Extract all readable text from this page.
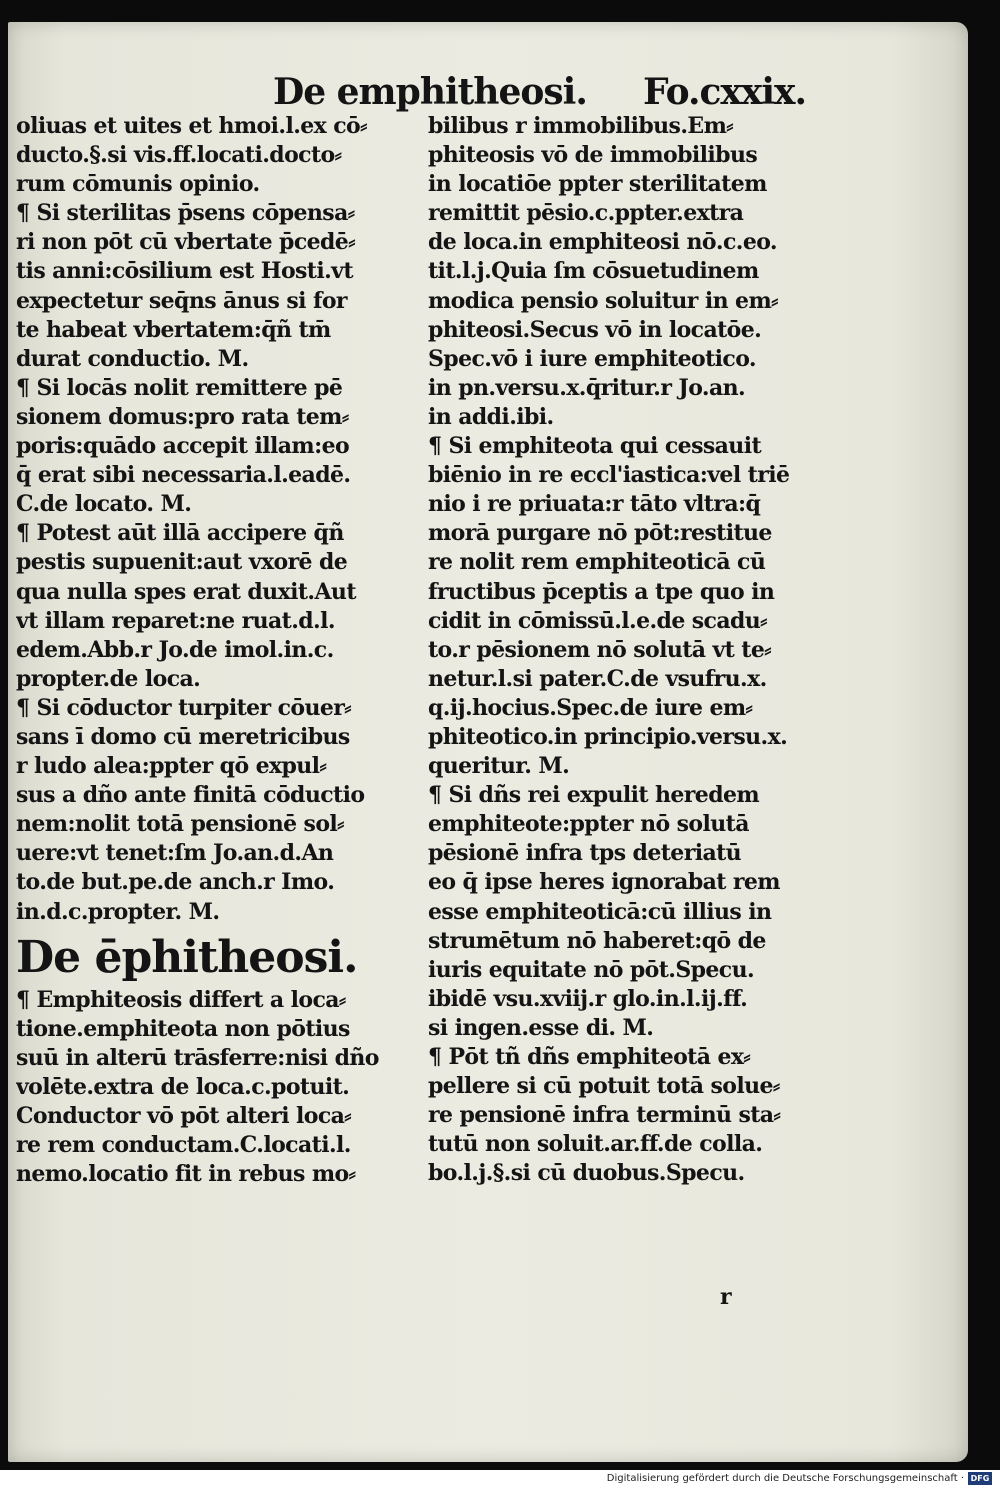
De emphitheosi. Fo.cxxix.
oliuas et uites et hmoi.l.ex cō⸗
ducto.§.si vis.ff.locati.docto⸗
rum cōmunis opinio.
¶ Si sterilitas p̄sens cōpensa⸗
ri non pōt cū vbertate p̄cedē⸗
tis anni:cōsilium est Hosti.vt
expectetur seq̄ns ānus si for
te habeat vbertatem:q̄ñ tm̄
durat conductio. M.
¶ Si locās nolit remittere pē
sionem domus:pro rata tem⸗
poris:quādo accepit illam:eo
q̄ erat sibi necessaria.l.eadē.
C.de locato. M.
¶ Potest aūt illā accipere q̄ñ
pestis supuenit:aut vxorē de
qua nulla spes erat duxit.Aut
vt illam reparet:ne ruat.d.l.
edem.Abb.r Jo.de imol.in.c.
propter.de loca.
¶ Si cōductor turpiter cōuer⸗
sans ī domo cū meretricibus
r ludo alea:ppter qō expul⸗
sus a dño ante finitā cōductio
nem:nolit totā pensionē sol⸗
uere:vt tenet:ſm Jo.an.d.An
to.de but.pe.de anch.r Imo.
in.d.c.propter. M.
De ēphitheosi.
¶ Emphiteosis differt a loca⸗
tione.emphiteota non pōtius
suū in alterū trāsferre:nisi dño
volēte.extra de loca.c.potuit.
Conductor vō pōt alteri loca⸗
re rem conductam.C.locati.l.
nemo.locatio fit in rebus mo⸗
bilibus r immobilibus.Em⸗
phiteosis vō de immobilibus
in locatiōe ppter sterilitatem
remittit pēsio.c.ppter.extra
de loca.in emphiteosi nō.c.eo.
tit.l.j.Quia ſm cōsuetudinem
modica pensio soluitur in em⸗
phiteosi.Secus vō in locatōe.
Spec.vō i iure emphiteotico.
in pn.versu.x.q̄ritur.r Jo.an.
in addi.ibi.
¶ Si emphiteota qui cessauit
biēnio in re eccl'iastica:vel triē
nio i re priuata:r tāto vltra:q̄
morā purgare nō pōt:restitue
re nolit rem emphiteoticā cū
fructibus p̄ceptis a tpe quo in
cidit in cōmissū.l.e.de scadu⸗
to.r pēsionem nō solutā vt te⸗
netur.l.si pater.C.de vsufru.x.
q.ij.hocius.Spec.de iure em⸗
phiteotico.in principio.versu.x.
queritur. M.
¶ Si dñs rei expulit heredem
emphiteote:ppter nō solutā
pēsionē infra tps deteriatū
eo q̄ ipse heres ignorabat rem
esse emphiteoticā:cū illius in
strumētum nō haberet:qō de
iuris equitate nō pōt.Specu.
ibidē vsu.xviij.r glo.in.l.ij.ff.
si ingen.esse di. M.
¶ Pōt tñ dñs emphiteotā ex⸗
pellere si cū potuit totā solue⸗
re pensionē infra terminū sta⸗
tutū non soluit.ar.ff.de colla.
bo.l.j.§.si cū duobus.Specu.
r
Digitalisierung gefördert durch die Deutsche Forschungsgemeinschaft · DFG
